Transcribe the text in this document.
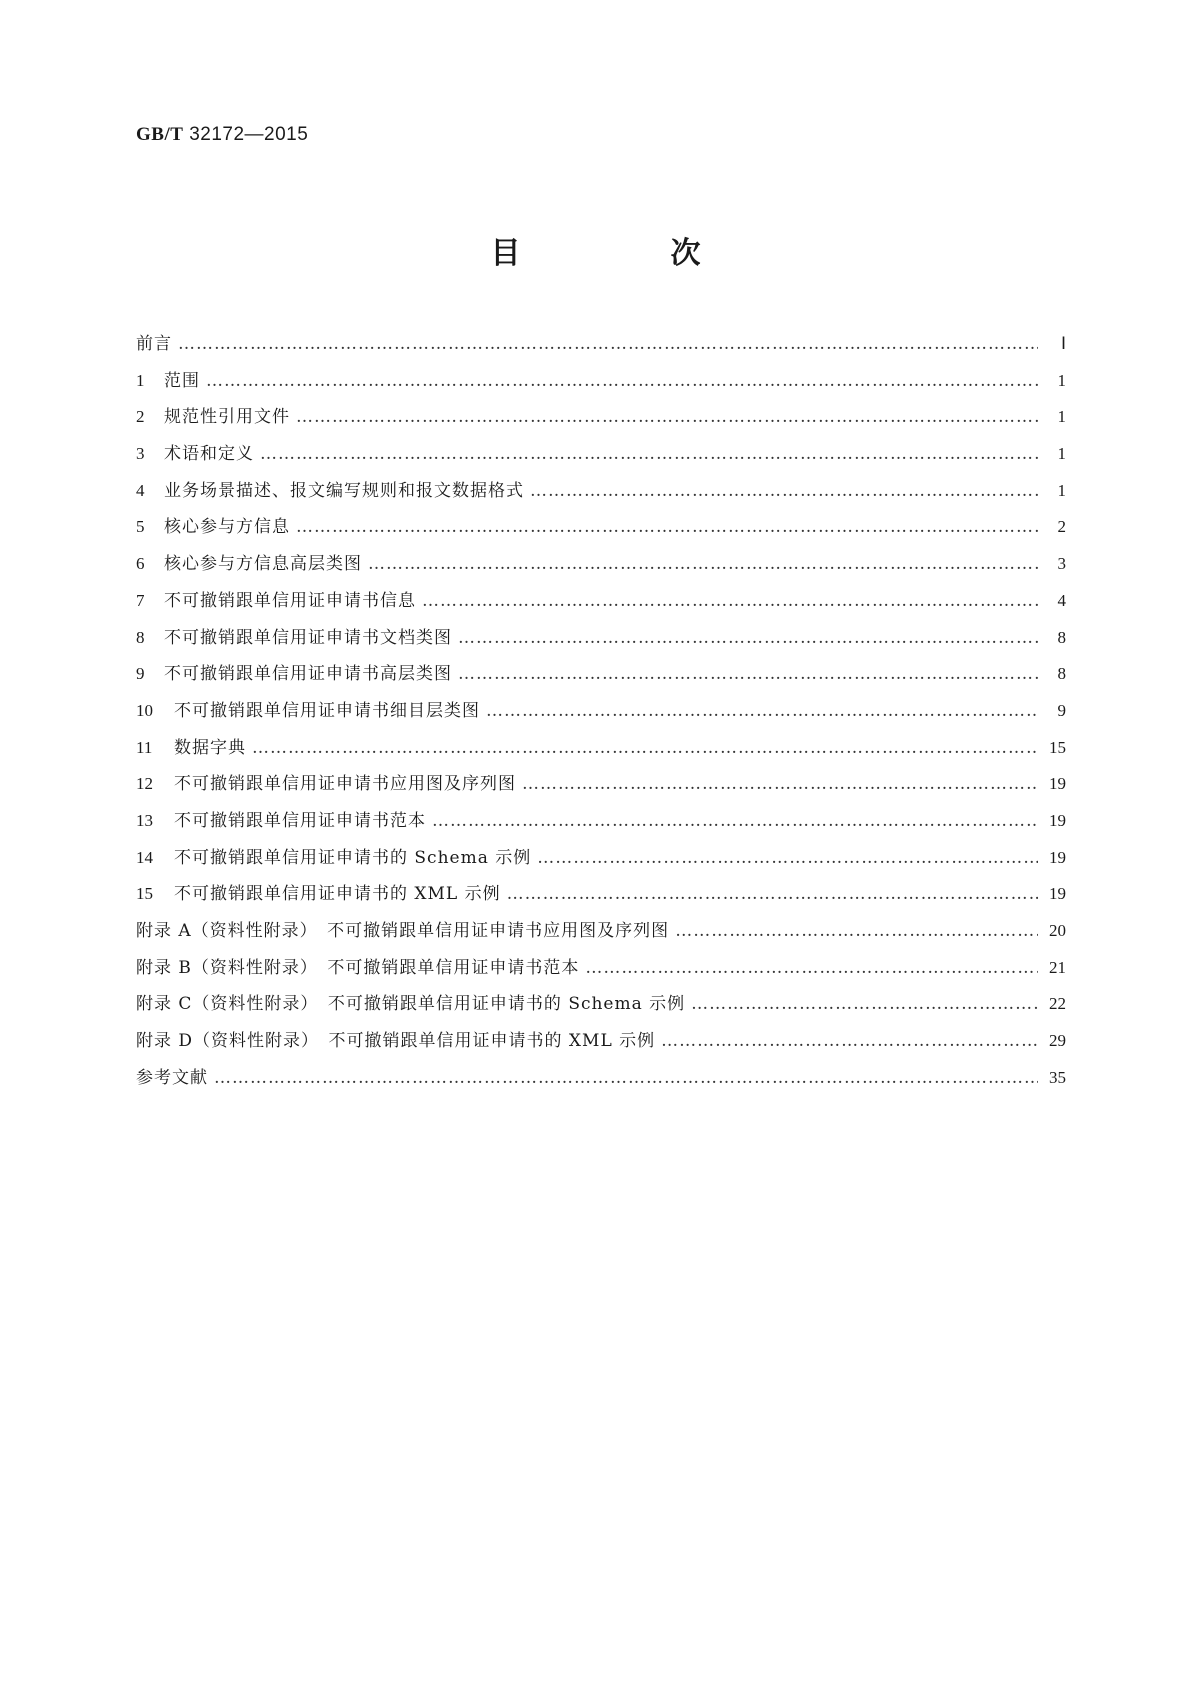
GB/T 32172—2015
目　次
前言 ……………………………………………………………………………………………………………………………………………………………………………………………………………………………………	Ⅰ
1	范围 ……………………………………………………………………………………………………………………………………………………………………………………………………………………………………	1
2	规范性引用文件 ……………………………………………………………………………………………………………………………………………………………………………………………………………………………………	1
3	术语和定义 ……………………………………………………………………………………………………………………………………………………………………………………………………………………………………	1
4	业务场景描述、报文编写规则和报文数据格式 ……………………………………………………………………………………………………………………………………………………………………………………………………………………………………	1
5	核心参与方信息 ……………………………………………………………………………………………………………………………………………………………………………………………………………………………………	2
6	核心参与方信息高层类图 ……………………………………………………………………………………………………………………………………………………………………………………………………………………………………	3
7	不可撤销跟单信用证申请书信息 ……………………………………………………………………………………………………………………………………………………………………………………………………………………………………	4
8	不可撤销跟单信用证申请书文档类图 ……………………………………………………………………………………………………………………………………………………………………………………………………………………………………	8
9	不可撤销跟单信用证申请书高层类图 ……………………………………………………………………………………………………………………………………………………………………………………………………………………………………	8
10	不可撤销跟单信用证申请书细目层类图 ……………………………………………………………………………………………………………………………………………………………………………………………………………………………………	9
11	数据字典 ……………………………………………………………………………………………………………………………………………………………………………………………………………………………………	15
12	不可撤销跟单信用证申请书应用图及序列图 ……………………………………………………………………………………………………………………………………………………………………………………………………………………………………	19
13	不可撤销跟单信用证申请书范本 ……………………………………………………………………………………………………………………………………………………………………………………………………………………………………	19
14	不可撤销跟单信用证申请书的 Schema 示例 ……………………………………………………………………………………………………………………………………………………………………………………………………………………………………	19
15	不可撤销跟单信用证申请书的 XML 示例 ……………………………………………………………………………………………………………………………………………………………………………………………………………………………………	19
附录 A（资料性附录）　不可撤销跟单信用证申请书应用图及序列图 ……………………………………………………………………………………………………………………………………………………………………………………………………………………………………	20
附录 B（资料性附录）　不可撤销跟单信用证申请书范本 ……………………………………………………………………………………………………………………………………………………………………………………………………………………………………	21
附录 C（资料性附录）　不可撤销跟单信用证申请书的 Schema 示例 ……………………………………………………………………………………………………………………………………………………………………………………………………………………………………	22
附录 D（资料性附录）　不可撤销跟单信用证申请书的 XML 示例 ……………………………………………………………………………………………………………………………………………………………………………………………………………………………………	29
参考文献 ……………………………………………………………………………………………………………………………………………………………………………………………………………………………………	35
